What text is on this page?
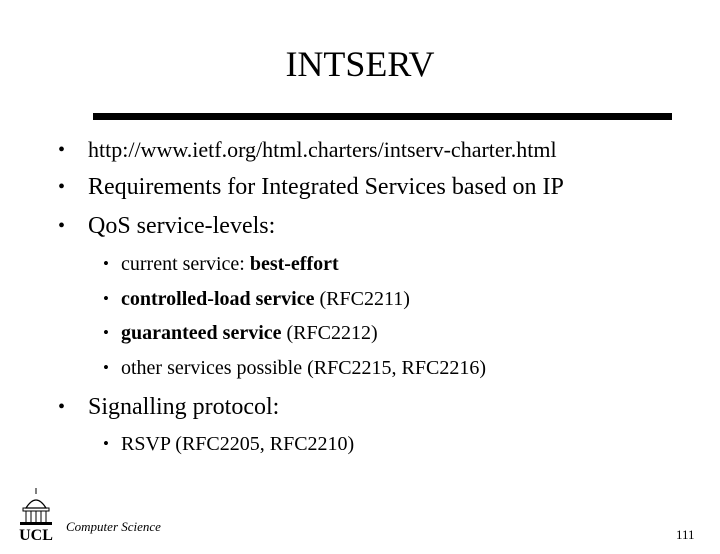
INTSERV
• http://www.ietf.org/html.charters/intserv-charter.html
• Requirements for Integrated Services based on IP
• QoS service-levels:
• current service: best-effort
• controlled-load service (RFC2211)
• guaranteed service (RFC2212)
• other services possible (RFC2215, RFC2216)
• Signalling protocol:
• RSVP (RFC2205, RFC2210)
UCL
Computer Science
111
